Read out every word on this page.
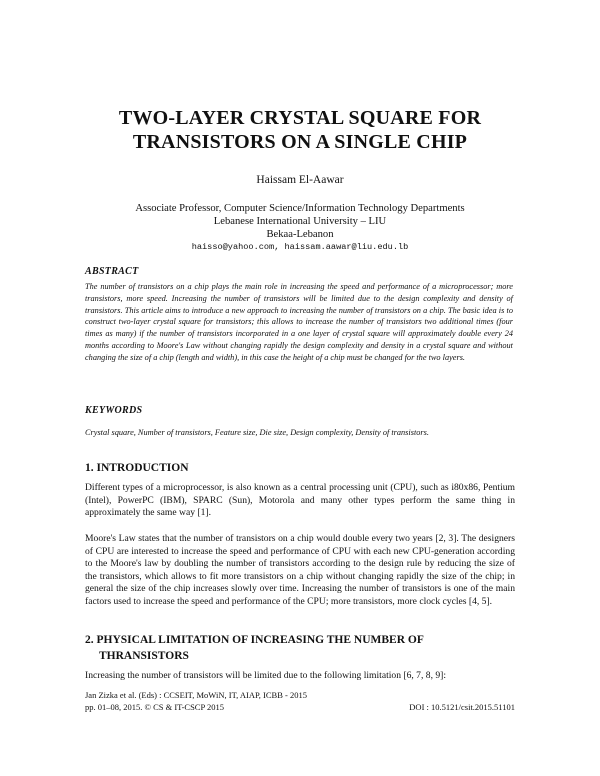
TWO-LAYER CRYSTAL SQUARE FOR
TRANSISTORS ON A SINGLE CHIP
Haissam El-Aawar
Associate Professor, Computer Science/Information Technology Departments
Lebanese International University – LIU
Bekaa-Lebanon
haisso@yahoo.com, haissam.aawar@liu.edu.lb
ABSTRACT
The number of transistors on a chip plays the main role in increasing the speed and performance of a microprocessor; more transistors, more speed. Increasing the number of transistors will be limited due to the design complexity and density of transistors. This article aims to introduce a new approach to increasing the number of transistors on a chip. The basic idea is to construct two-layer crystal square for transistors; this allows to increase the number of transistors two additional times (four times as many) if the number of transistors incorporated in a one layer of crystal square will approximately double every 24 months according to Moore's Law without changing rapidly the design complexity and density in a crystal square and without changing the size of a chip (length and width), in this case the height of a chip must be changed for the two layers.
KEYWORDS
Crystal square, Number of transistors, Feature size, Die size, Design complexity, Density of transistors.
1. INTRODUCTION
Different types of a microprocessor, is also known as a central processing unit (CPU), such as i80x86, Pentium (Intel), PowerPC (IBM), SPARC (Sun), Motorola and many other types perform the same thing in approximately the same way [1].
Moore's Law states that the number of transistors on a chip would double every two years [2, 3]. The designers of CPU are interested to increase the speed and performance of CPU with each new CPU-generation according to the Moore's law by doubling the number of transistors according to the design rule by reducing the size of the transistors, which allows to fit more transistors on a chip without changing rapidly the size of the chip; in general the size of the chip increases slowly over time. Increasing the number of transistors is one of the main factors used to increase the speed and performance of the CPU; more transistors, more clock cycles [4, 5].
2. PHYSICAL LIMITATION OF INCREASING THE NUMBER OF
THRANSISTORS
Increasing the number of transistors will be limited due to the following limitation [6, 7, 8, 9]:
Jan Zizka et al. (Eds) : CCSEIT, MoWiN, IT, AIAP, ICBB - 2015
pp. 01–08, 2015. © CS & IT-CSCP 2015	DOI : 10.5121/csit.2015.51101
